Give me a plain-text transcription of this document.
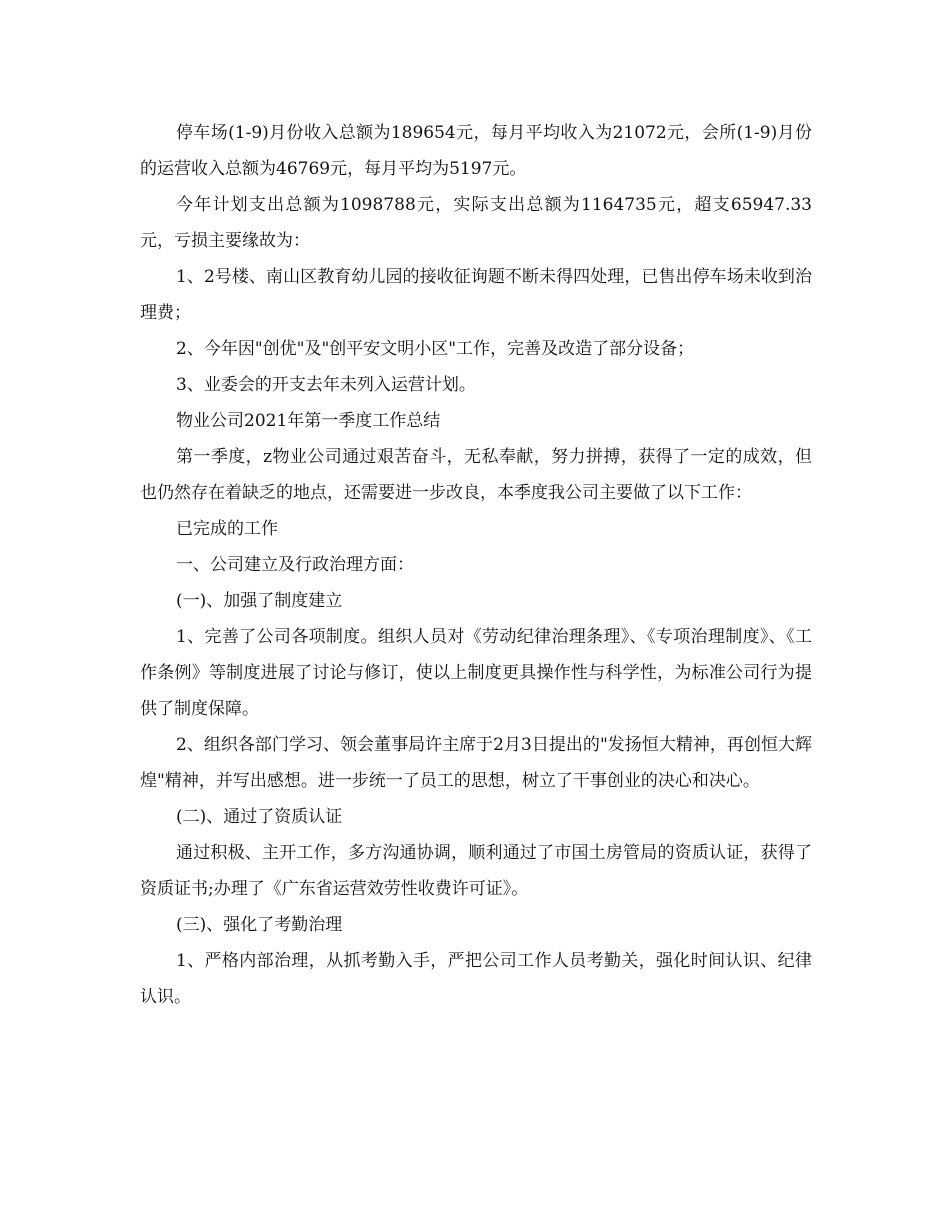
停车场(1-9)月份收入总额为189654元，每月平均收入为21072元，会所(1-9)月份的运营收入总额为46769元，每月平均为5197元。

今年计划支出总额为1098788元，实际支出总额为1164735元，超支65947.33元，亏损主要缘故为：

1、2号楼、南山区教育幼儿园的接收征询题不断未得四处理，已售出停车场未收到治理费；

2、今年因"创优"及"创平安文明小区"工作，完善及改造了部分设备；

3、业委会的开支去年未列入运营计划。

物业公司2021年第一季度工作总结

第一季度，z物业公司通过艰苦奋斗，无私奉献，努力拼搏，获得了一定的成效，但也仍然存在着缺乏的地点，还需要进一步改良，本季度我公司主要做了以下工作：

已完成的工作

一、公司建立及行政治理方面：

(一)、加强了制度建立

1、完善了公司各项制度。组织人员对《劳动纪律治理条理》、《专项治理制度》、《工作条例》等制度进展了讨论与修订，使以上制度更具操作性与科学性，为标准公司行为提供了制度保障。

2、组织各部门学习、领会董事局许主席于2月3日提出的"发扬恒大精神，再创恒大辉煌"精神，并写出感想。进一步统一了员工的思想，树立了干事创业的决心和决心。

(二)、通过了资质认证

通过积极、主开工作，多方沟通协调，顺利通过了市国土房管局的资质认证，获得了资质证书;办理了《广东省运营效劳性收费许可证》。

(三)、强化了考勤治理

1、严格内部治理，从抓考勤入手，严把公司工作人员考勤关，强化时间认识、纪律认识。
